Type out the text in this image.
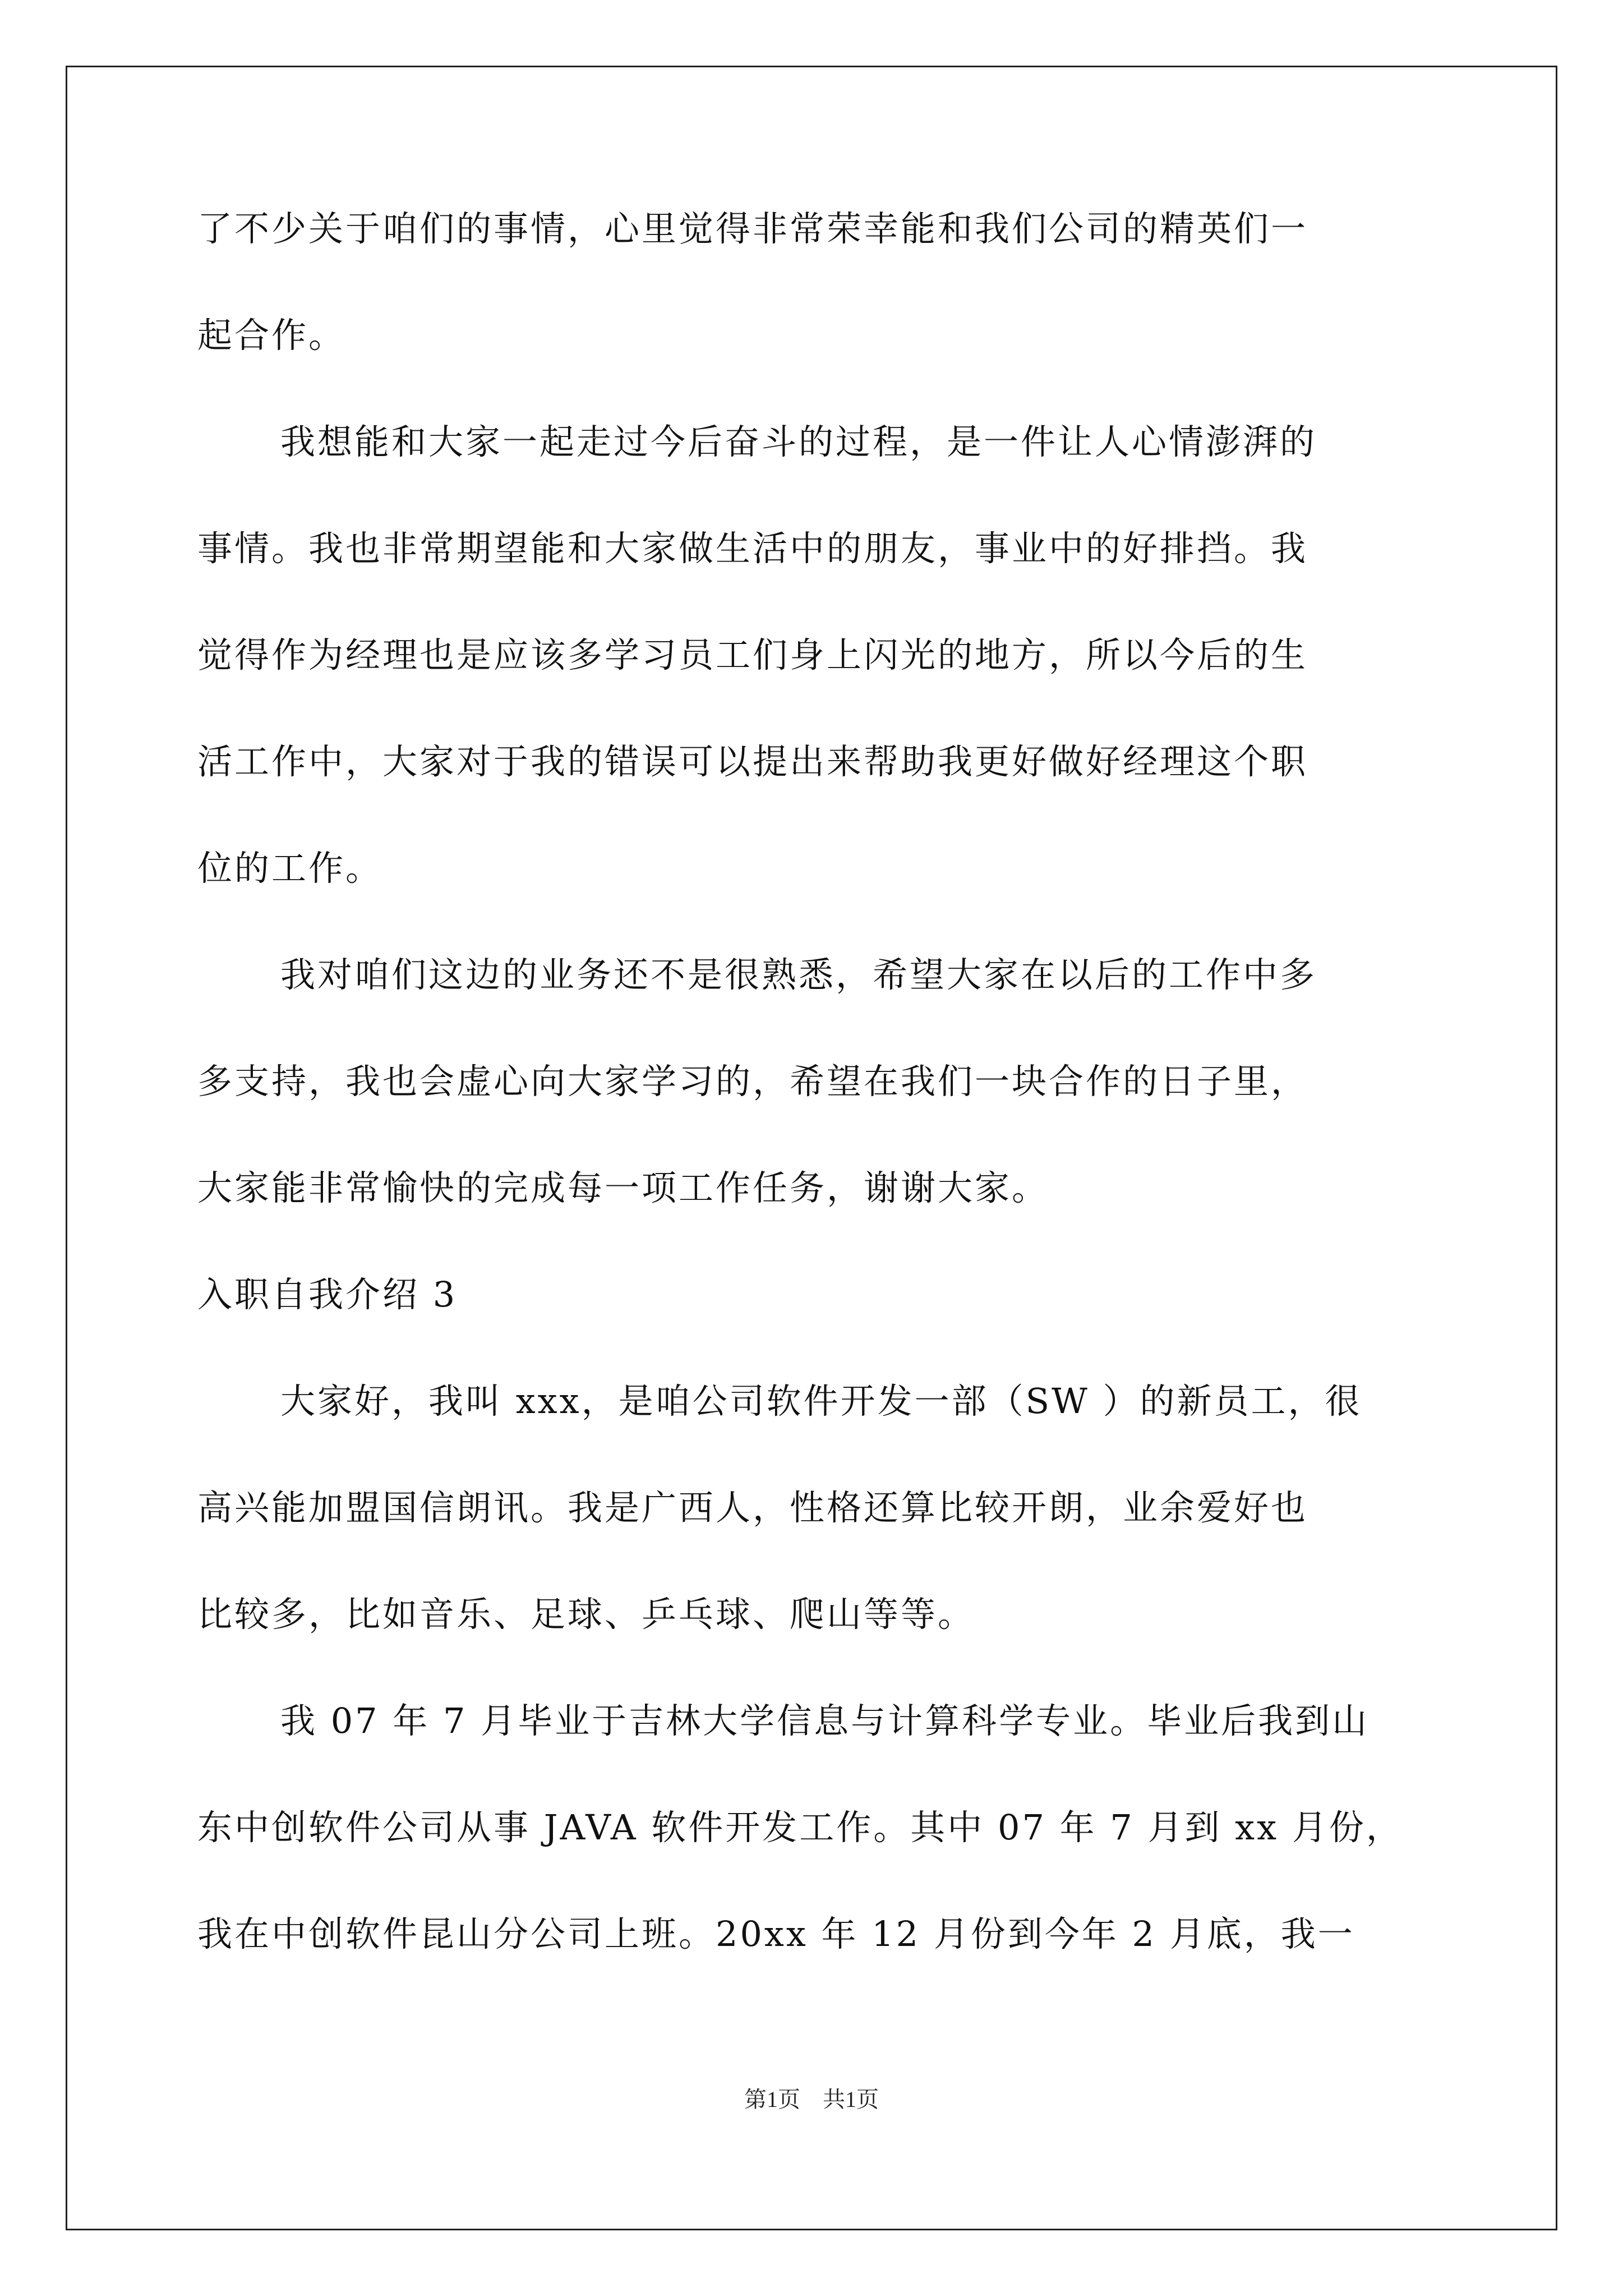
了不少关于咱们的事情，心里觉得非常荣幸能和我们公司的精英们一
起合作。
我想能和大家一起走过今后奋斗的过程，是一件让人心情澎湃的
事情。我也非常期望能和大家做生活中的朋友，事业中的好排挡。我
觉得作为经理也是应该多学习员工们身上闪光的地方，所以今后的生
活工作中，大家对于我的错误可以提出来帮助我更好做好经理这个职
位的工作。
我对咱们这边的业务还不是很熟悉，希望大家在以后的工作中多
多支持，我也会虚心向大家学习的，希望在我们一块合作的日子里，
大家能非常愉快的完成每一项工作任务，谢谢大家。
入职自我介绍 3
大家好，我叫 xxx，是咱公司软件开发一部（SW ）的新员工，很
高兴能加盟国信朗讯。我是广西人，性格还算比较开朗，业余爱好也
比较多，比如音乐、足球、乒乓球、爬山等等。
我 07 年 7 月毕业于吉林大学信息与计算科学专业。毕业后我到山
东中创软件公司从事 JAVA 软件开发工作。其中 07 年 7 月到 xx 月份，
我在中创软件昆山分公司上班。20xx 年 12 月份到今年 2 月底，我一
第1页　共1页
